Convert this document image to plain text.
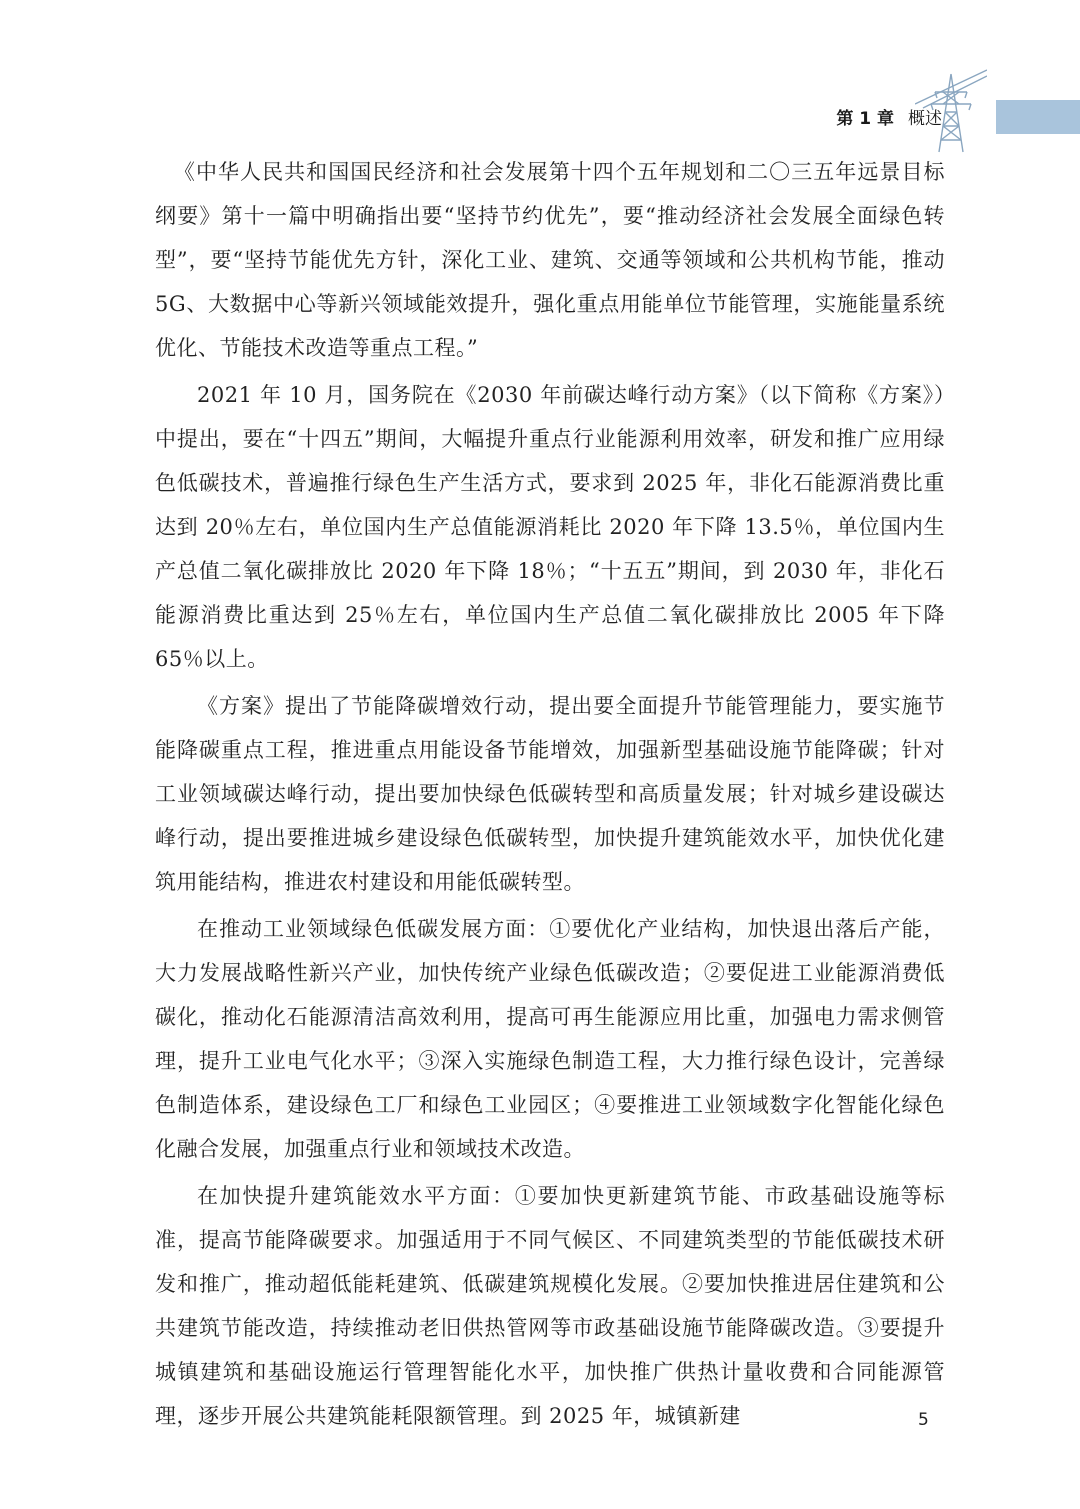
第 1 章 概述

《中华人民共和国国民经济和社会发展第十四个五年规划和二〇三五年远景目标纲要》第十一篇中明确指出要“坚持节约优先”，要“推动经济社会发展全面绿色转型”，要“坚持节能优先方针，深化工业、建筑、交通等领域和公共机构节能，推动 5G、大数据中心等新兴领域能效提升，强化重点用能单位节能管理，实施能量系统优化、节能技术改造等重点工程。”

2021 年 10 月，国务院在《2030 年前碳达峰行动方案》（以下简称《方案》）中提出，要在“十四五”期间，大幅提升重点行业能源利用效率，研发和推广应用绿色低碳技术，普遍推行绿色生产生活方式，要求到 2025 年，非化石能源消费比重达到 20％左右，单位国内生产总值能源消耗比 2020 年下降 13.5％，单位国内生产总值二氧化碳排放比 2020 年下降 18％；“十五五”期间，到 2030 年，非化石能源消费比重达到 25％左右，单位国内生产总值二氧化碳排放比 2005 年下降 65％以上。

《方案》提出了节能降碳增效行动，提出要全面提升节能管理能力，要实施节能降碳重点工程，推进重点用能设备节能增效，加强新型基础设施节能降碳；针对工业领域碳达峰行动，提出要加快绿色低碳转型和高质量发展；针对城乡建设碳达峰行动，提出要推进城乡建设绿色低碳转型，加快提升建筑能效水平，加快优化建筑用能结构，推进农村建设和用能低碳转型。

在推动工业领域绿色低碳发展方面：①要优化产业结构，加快退出落后产能，大力发展战略性新兴产业，加快传统产业绿色低碳改造；②要促进工业能源消费低碳化，推动化石能源清洁高效利用，提高可再生能源应用比重，加强电力需求侧管理，提升工业电气化水平；③深入实施绿色制造工程，大力推行绿色设计，完善绿色制造体系，建设绿色工厂和绿色工业园区；④要推进工业领域数字化智能化绿色化融合发展，加强重点行业和领域技术改造。

在加快提升建筑能效水平方面：①要加快更新建筑节能、市政基础设施等标准，提高节能降碳要求。加强适用于不同气候区、不同建筑类型的节能低碳技术研发和推广，推动超低能耗建筑、低碳建筑规模化发展。②要加快推进居住建筑和公共建筑节能改造，持续推动老旧供热管网等市政基础设施节能降碳改造。③要提升城镇建筑和基础设施运行管理智能化水平，加快推广供热计量收费和合同能源管理，逐步开展公共建筑能耗限额管理。到 2025 年，城镇新建	5
